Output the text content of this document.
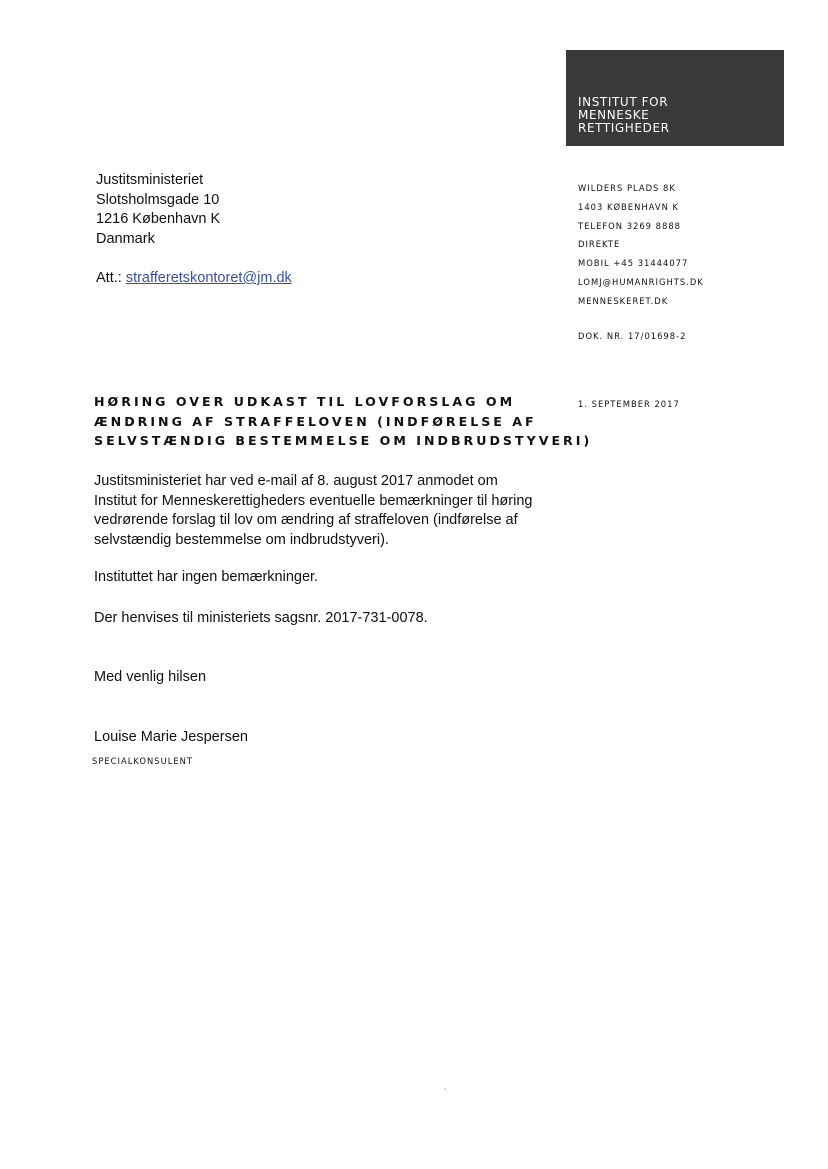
INSTITUT FOR
MENNESKE
RETTIGHEDER
Justitsministeriet
Slotsholmsgade 10
1216 København K
Danmark
Att.: strafferetskontoret@jm.dk
WILDERS PLADS 8K
1403 KØBENHAVN K
TELEFON 3269 8888
DIREKTE
MOBIL +45 31444077
LOMJ@HUMANRIGHTS.DK
MENNESKERET.DK
DOK. NR. 17/01698-2
1. SEPTEMBER 2017
HØRING OVER UDKAST TIL LOVFORSLAG OM
ÆNDRING AF STRAFFELOVEN (INDFØRELSE AF
SELVSTÆNDIG BESTEMMELSE OM INDBRUDSTYVERI)
Justitsministeriet har ved e-mail af 8. august 2017 anmodet om
Institut for Menneskerettigheders eventuelle bemærkninger til høring
vedrørende forslag til lov om ændring af straffeloven (indførelse af
selvstændig bestemmelse om indbrudstyveri).
Instituttet har ingen bemærkninger.
Der henvises til ministeriets sagsnr. 2017-731-0078.
Med venlig hilsen
Louise Marie Jespersen
SPECIALKONSULENT
